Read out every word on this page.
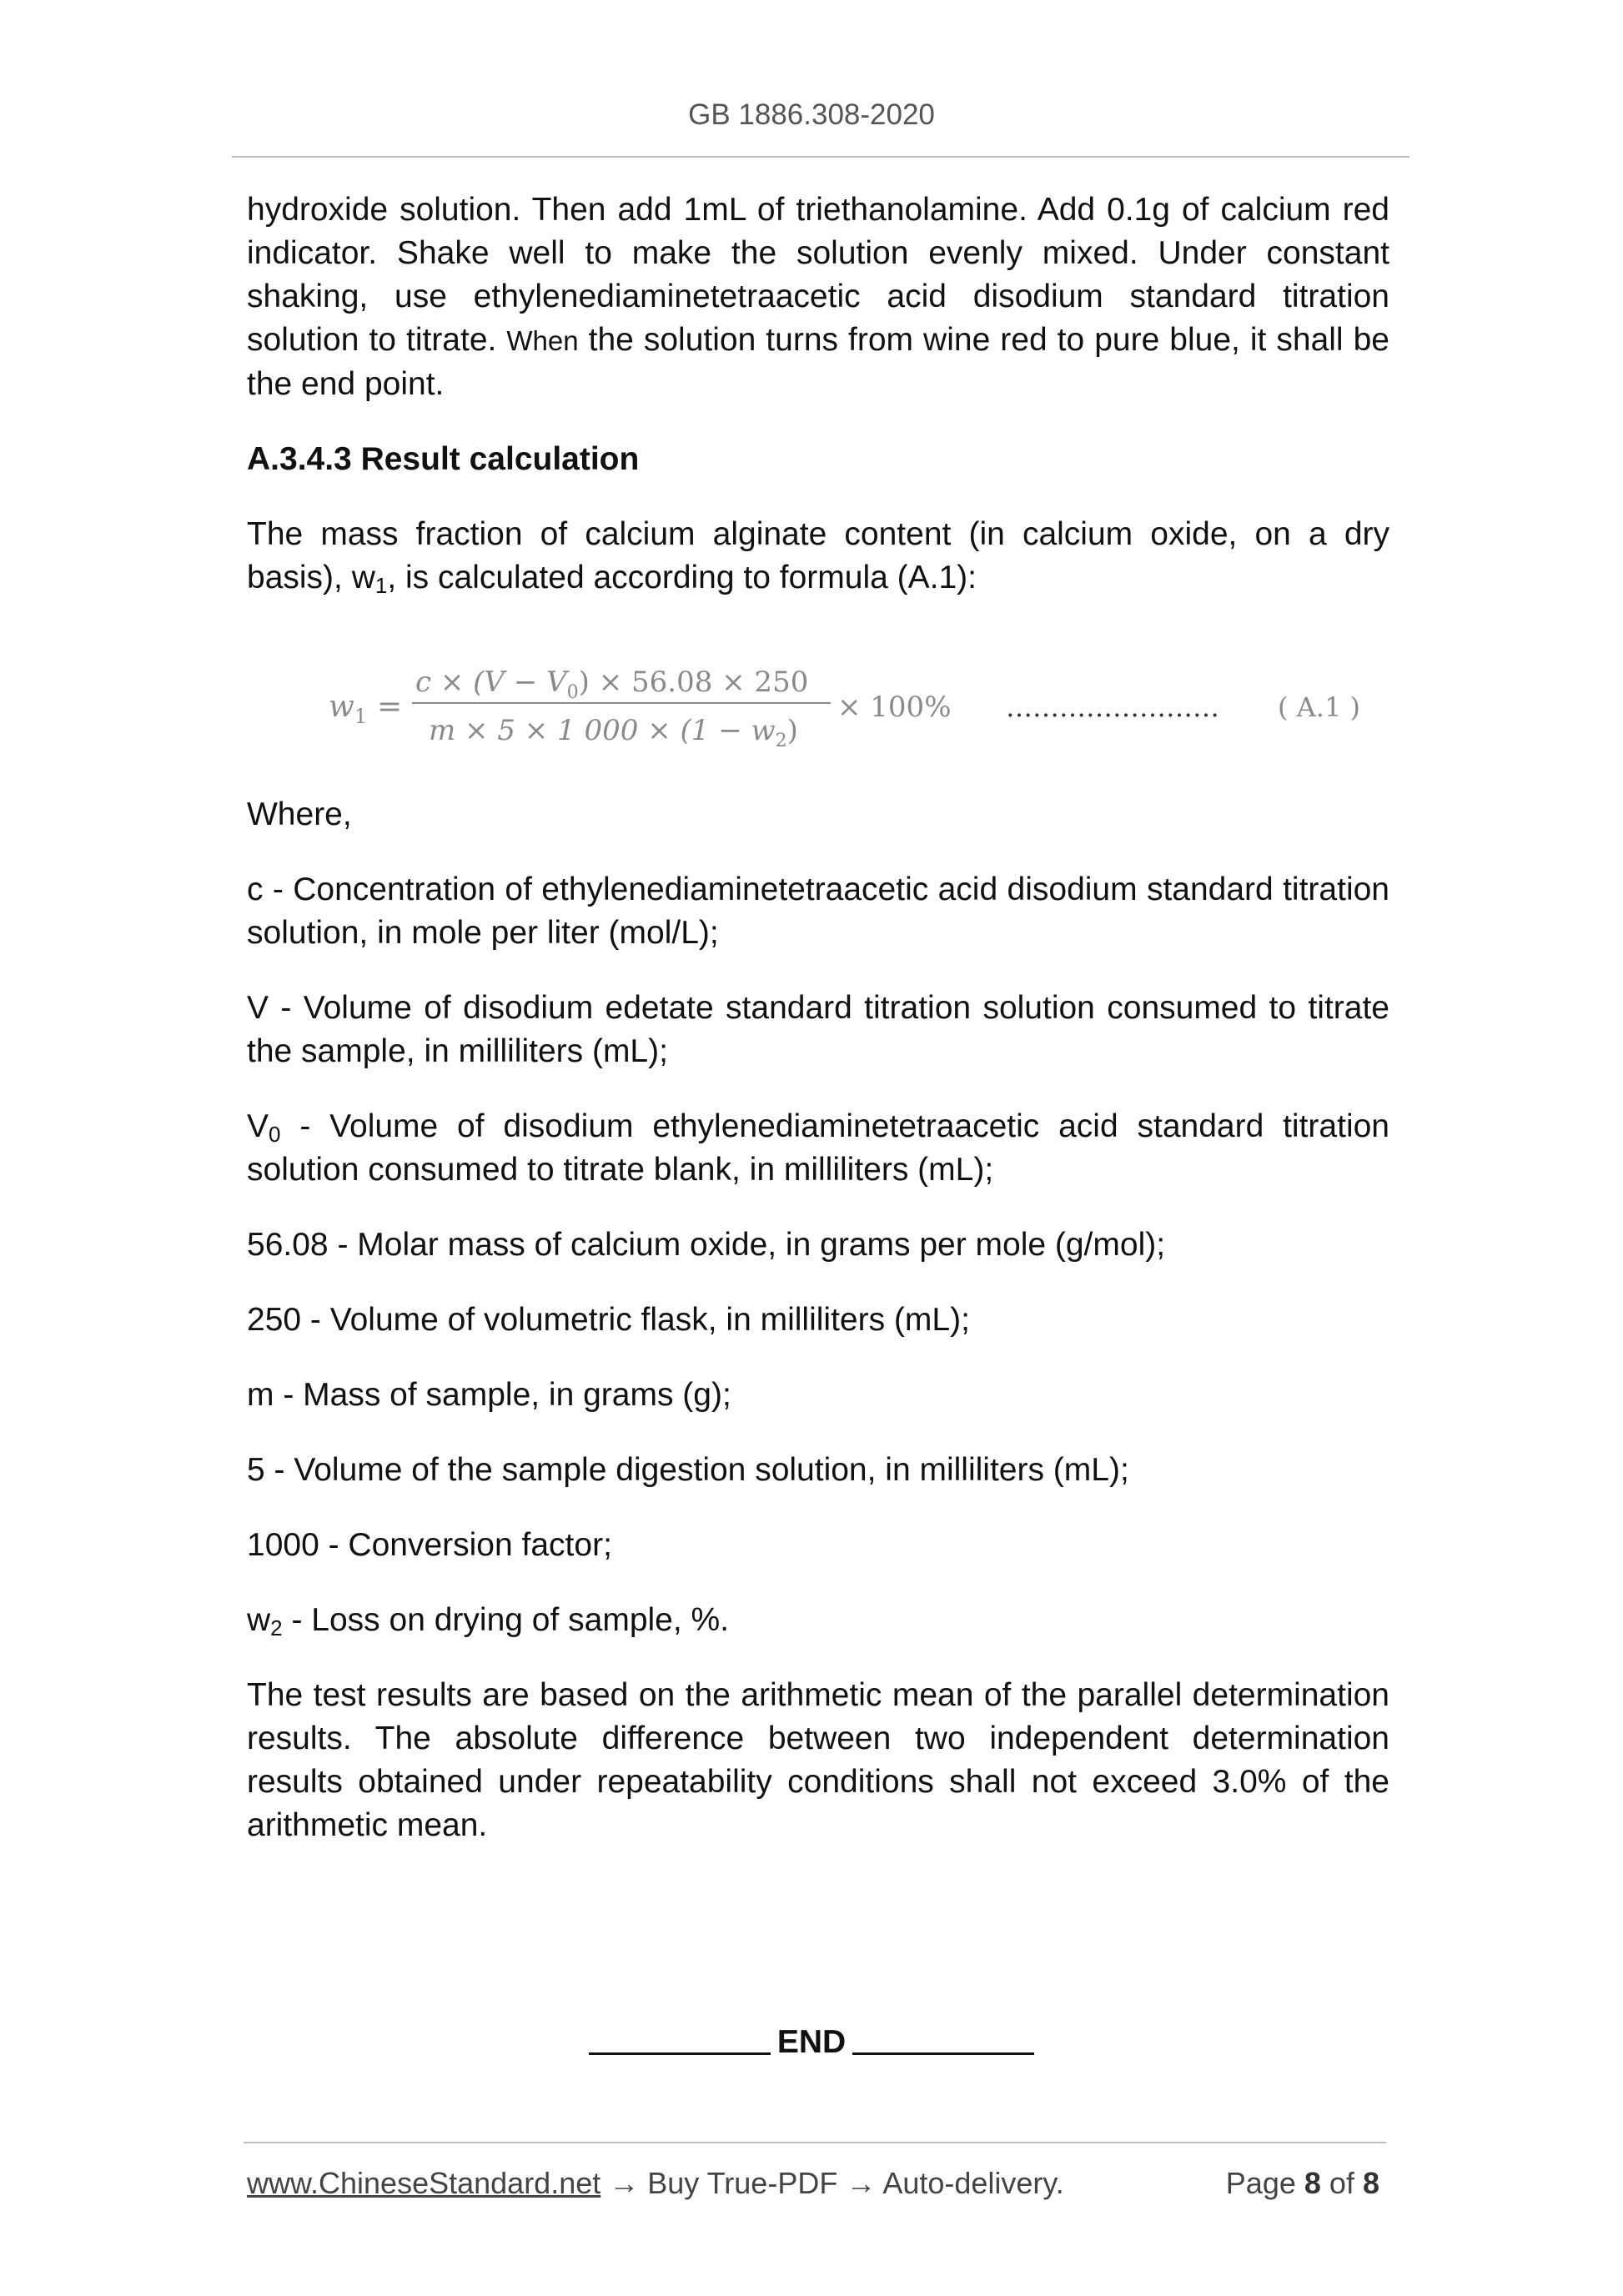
GB 1886.308-2020

hydroxide solution. Then add 1mL of triethanolamine. Add 0.1g of calcium red indicator. Shake well to make the solution evenly mixed. Under constant shaking, use ethylenediaminetetraacetic acid disodium standard titration solution to titrate. When the solution turns from wine red to pure blue, it shall be the end point.

A.3.4.3 Result calculation

The mass fraction of calcium alginate content (in calcium oxide, on a dry basis), $w_1$, is calculated according to formula (A.1):

$w_1$ =
$c \times (V - V_0) \times 56.08 \times 250$
m × 5 × 1 $000 \times (1 - w_2)$
× 100% …………………… ( A.1 )

Where,

c - Concentration of ethylenediaminetetraacetic acid disodium standard titration solution, in mole per liter (mol/L);

V - Volume of disodium edetate standard titration solution consumed to titrate the sample, in milliliters (mL);

$V_0$ - Volume of disodium ethylenediaminetetraacetic acid standard titration solution consumed to titrate blank, in milliliters (mL);

56.08 - Molar mass of calcium oxide, in grams per mole (g/mol);

250 - Volume of volumetric flask, in milliliters (mL);

m - Mass of sample, in grams (g);

5 - Volume of the sample digestion solution, in milliliters (mL);

1000 - Conversion factor;

$w_2$ - Loss on drying of sample, %.

The test results are based on the arithmetic mean of the parallel determination results. The absolute difference between two independent determination results obtained under repeatability conditions shall not exceed 3.0% of the arithmetic mean.

END
www.ChineseStandard.net → Buy True-PDF → Auto-delivery.	Page 8 of 8
